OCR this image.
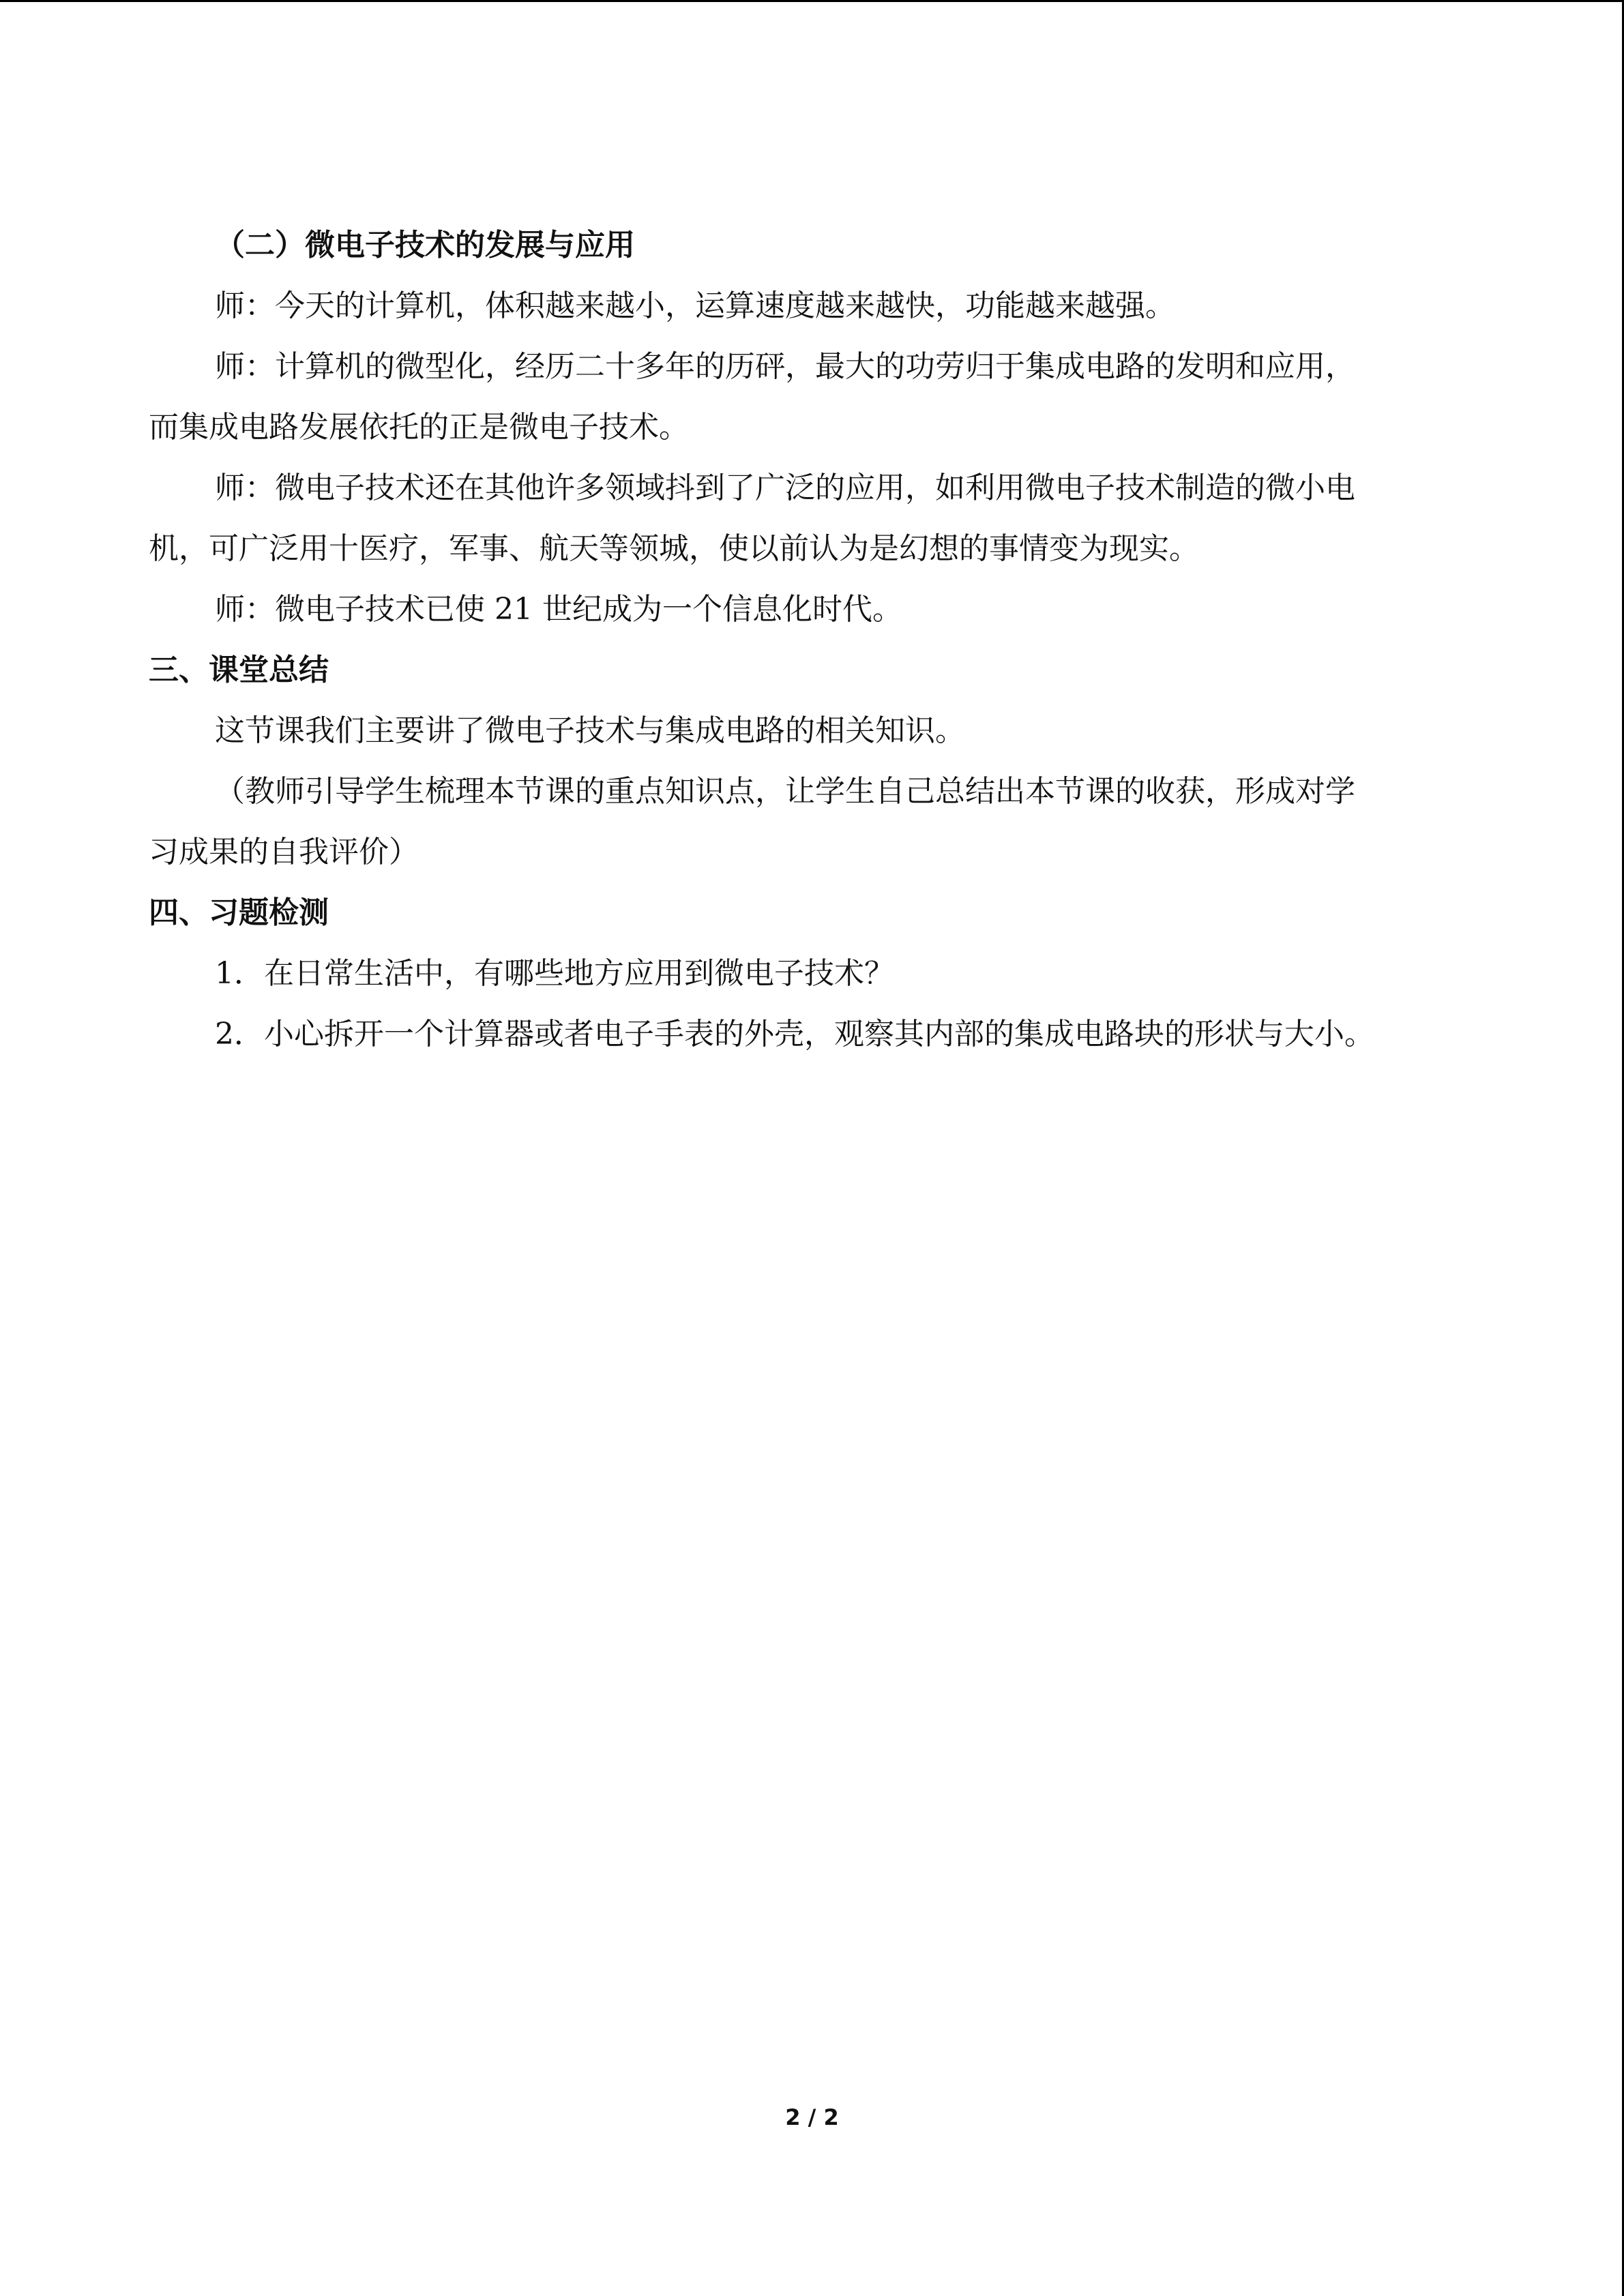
（二）微电子技术的发展与应用

师：今天的计算机，体积越来越小，运算速度越来越快，功能越来越强。

师：计算机的微型化，经历二十多年的历砰，最大的功劳归于集成电路的发明和应用，

而集成电路发展依托的正是微电子技术。

师：微电子技术还在其他许多领域抖到了广泛的应用，如利用微电子技术制造的微小电

机，可广泛用十医疗，军事、航天等领城，使以前认为是幻想的事情变为现实。

师：微电子技术已使 21 世纪成为一个信息化时代。

三、课堂总结

这节课我们主要讲了微电子技术与集成电路的相关知识。

（教师引导学生梳理本节课的重点知识点，让学生自己总结出本节课的收获，形成对学

习成果的自我评价）

四、习题检测

1．在日常生活中，有哪些地方应用到微电子技术？

2．小心拆开一个计算器或者电子手表的外壳，观察其内部的集成电路块的形状与大小。

2 / 2
